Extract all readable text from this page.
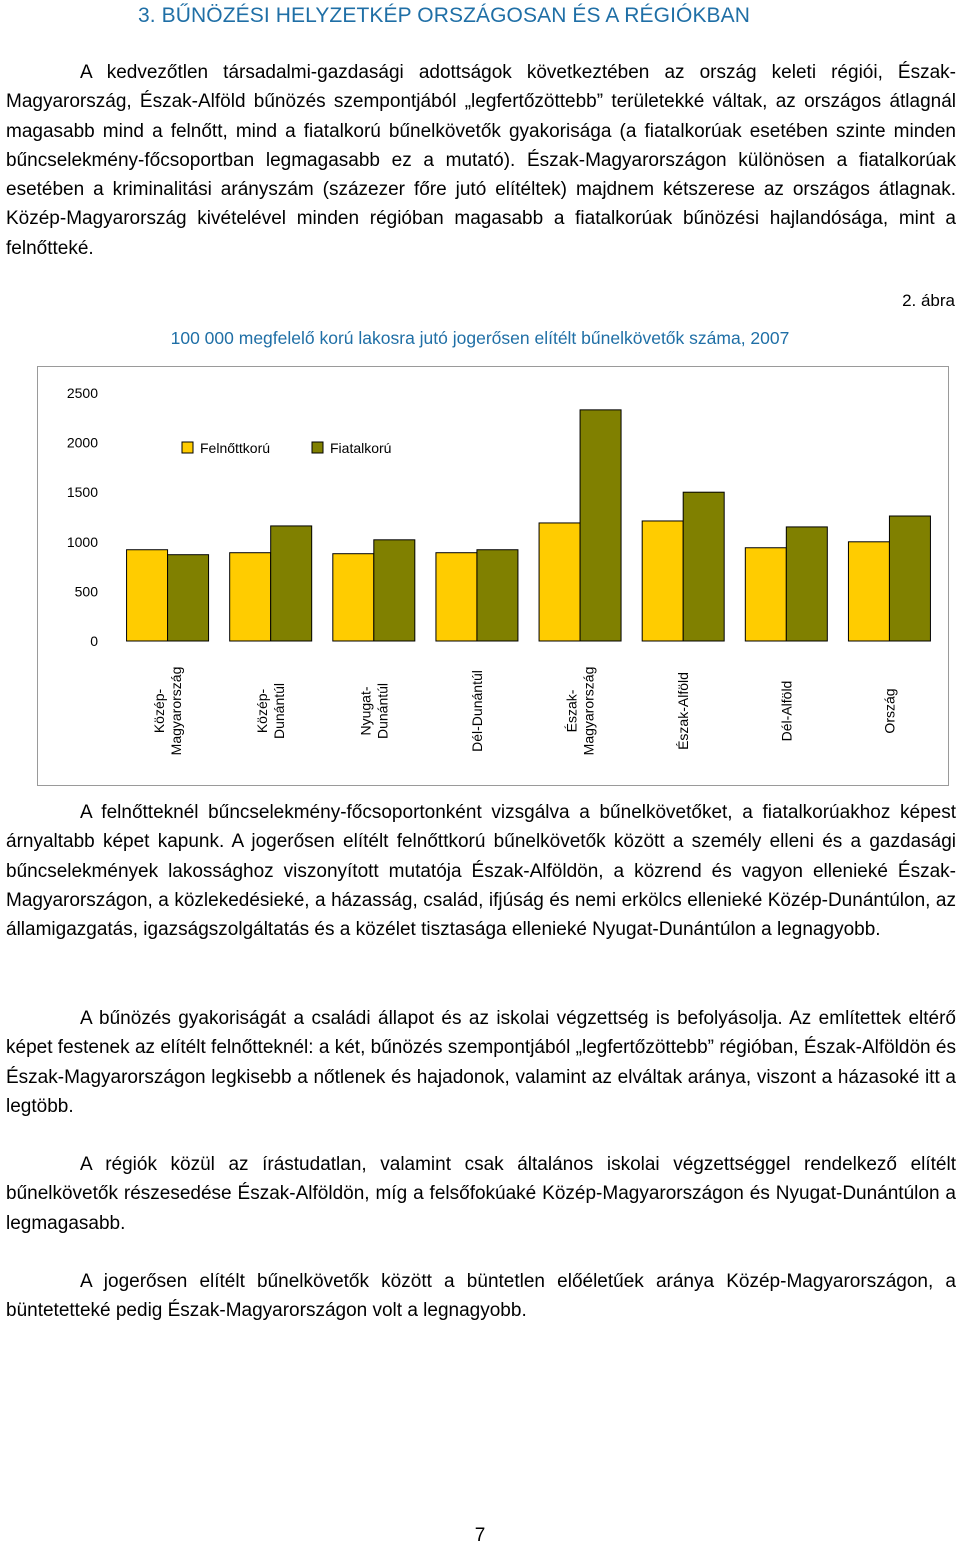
3. BŰNÖZÉSI HELYZETKÉP ORSZÁGOSAN ÉS A RÉGIÓKBAN

A kedvezőtlen társadalmi-gazdasági adottságok következtében az ország keleti régiói, Észak-Magyarország, Észak-Alföld bűnözés szempontjából „legfertőzöttebb” területekké váltak, az országos átlagnál magasabb mind a felnőtt, mind a fiatalkorú bűnelkövetők gyakorisága (a fiatalkorúak esetében szinte minden bűncselekmény-főcsoportban legmagasabb ez a mutató). Észak-Magyarországon különösen a fiatalkorúak esetében a kriminalitási arányszám (százezer főre jutó elítéltek) majdnem kétszerese az országos átlagnak. Közép-Magyarország kivételével minden régióban magasabb a fiatalkorúak bűnözési hajlandósága, mint a felnőtteké.

2. ábra
100 000 megfelelő korú lakosra jutó jogerősen elítélt bűnelkövetők száma, 2007
0
500
1000
1500
2000
2500
Közép-Magyarország	Közép-Dunántúl	Nyugat-Dunántúl	Dél-Dunántúl	Észak-Magyarország	Észak-Alföld	Dél-Alföld	Ország
Felnőttkorú	Fiatalkorú

A felnőtteknél bűncselekmény-főcsoportonként vizsgálva a bűnelkövetőket, a fiatalkorúakhoz képest árnyaltabb képet kapunk. A jogerősen elítélt felnőttkorú bűnelkövetők között a személy elleni és a gazdasági bűncselekmények lakossághoz viszonyított mutatója Észak-Alföldön, a közrend és vagyon ellenieké Észak-Magyarországon, a közlekedésieké, a házasság, család, ifjúság és nemi erkölcs ellenieké Közép-Dunántúlon, az államigazgatás, igazságszolgáltatás és a közélet tisztasága ellenieké Nyugat-Dunántúlon a legnagyobb.

A bűnözés gyakoriságát a családi állapot és az iskolai végzettség is befolyásolja. Az említettek eltérő képet festenek az elítélt felnőtteknél: a két, bűnözés szempontjából „legfertőzöttebb” régióban, Észak-Alföldön és Észak-Magyarországon legkisebb a nőtlenek és hajadonok, valamint az elváltak aránya, viszont a házasoké itt a legtöbb.

A régiók közül az írástudatlan, valamint csak általános iskolai végzettséggel rendelkező elítélt bűnelkövetők részesedése Észak-Alföldön, míg a felsőfokúaké Közép-Magyarországon és Nyugat-Dunántúlon a legmagasabb.

A jogerősen elítélt bűnelkövetők között a büntetlen előéletűek aránya Közép-Magyarországon, a büntetetteké pedig Észak-Magyarországon volt a legnagyobb.

7
